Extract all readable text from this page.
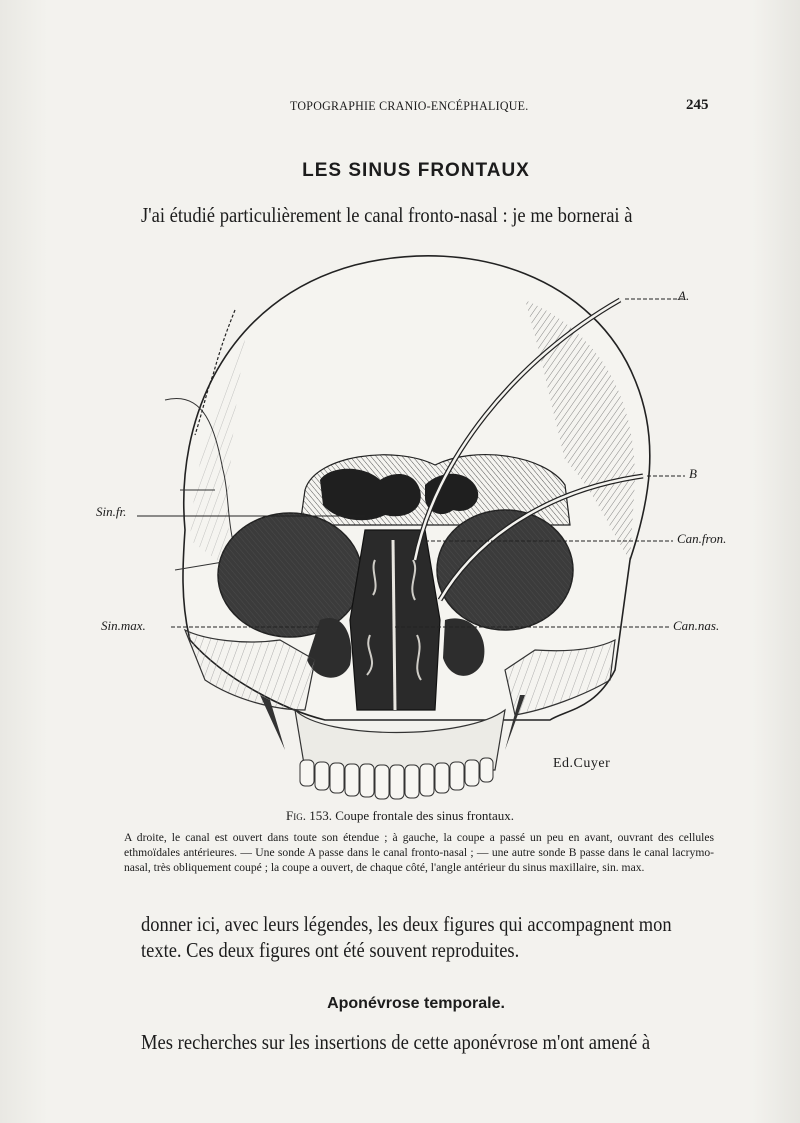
TOPOGRAPHIE CRANIO-ENCÉPHALIQUE.	245
LES SINUS FRONTAUX
J'ai étudié particulièrement le canal fronto-nasal : je me bornerai à
A.
B
Sin.fr.
Can.fron.
Sin.max.	Can.nas.
Ed.Cuyer
Fig. 153. Coupe frontale des sinus frontaux.
A droite, le canal est ouvert dans toute son étendue ; à gauche, la coupe a passé un peu en avant, ouvrant des cellules ethmoïdales antérieures. — Une sonde A passe dans le canal fronto-nasal ; — une autre sonde B passe dans le canal lacrymo-nasal, très obliquement coupé ; la coupe a ouvert, de chaque côté, l'angle antérieur du sinus maxillaire, sin. max.
donner ici, avec leurs légendes, les deux figures qui accompagnent mon
texte. Ces deux figures ont été souvent reproduites.
Aponévrose temporale.
Mes recherches sur les insertions de cette aponévrose m'ont amené à
